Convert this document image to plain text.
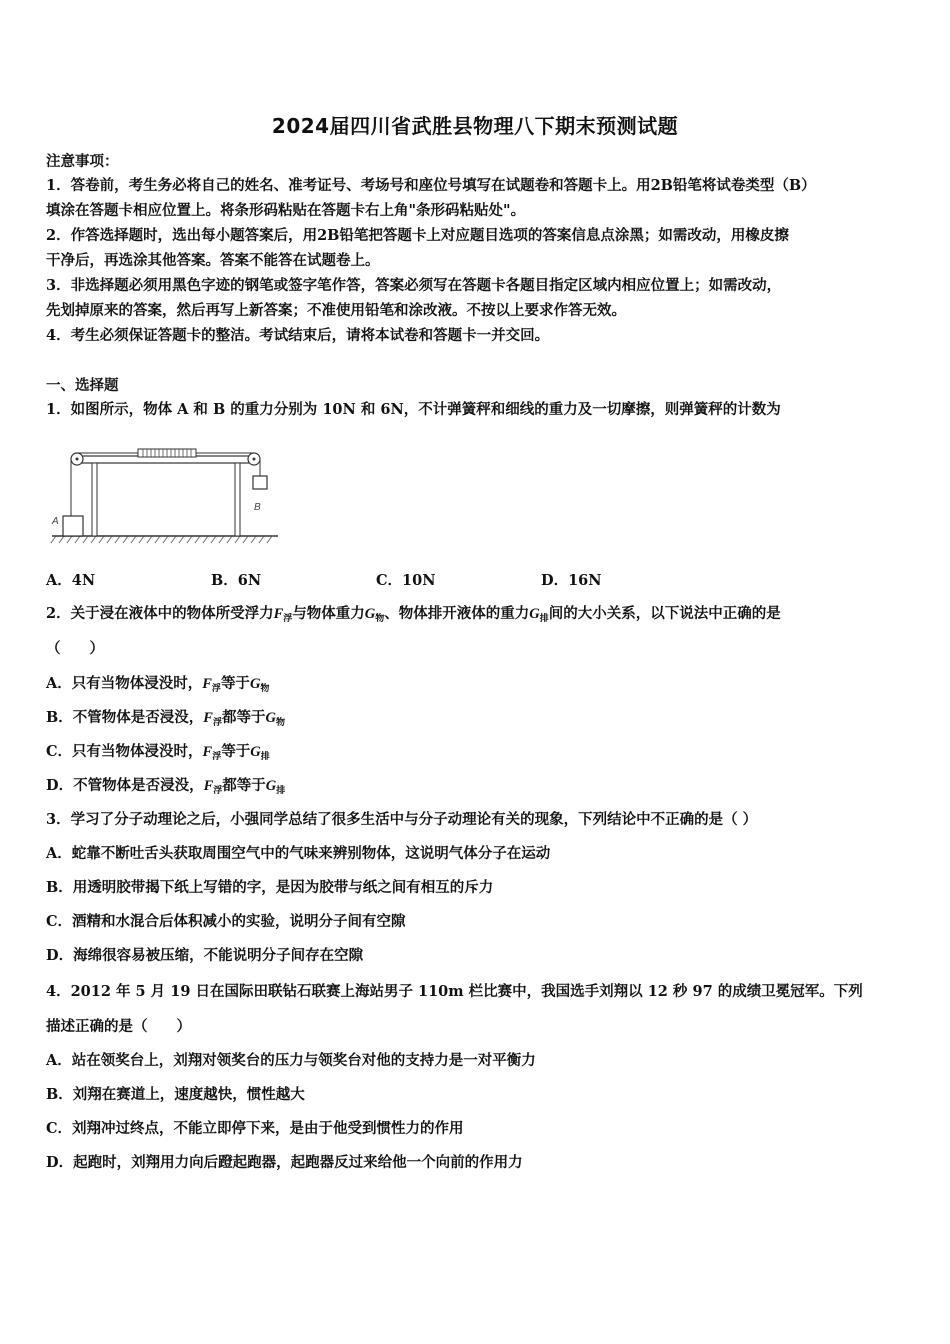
2024届四川省武胜县物理八下期末预测试题
注意事项：
1．答卷前，考生务必将自己的姓名、准考证号、考场号和座位号填写在试题卷和答题卡上。用2B铅笔将试卷类型（B）
填涂在答题卡相应位置上。将条形码粘贴在答题卡右上角"条形码粘贴处"。
2．作答选择题时，选出每小题答案后，用2B铅笔把答题卡上对应题目选项的答案信息点涂黑；如需改动，用橡皮擦
干净后，再选涂其他答案。答案不能答在试题卷上。
3．非选择题必须用黑色字迹的钢笔或签字笔作答，答案必须写在答题卡各题目指定区域内相应位置上；如需改动，
先划掉原来的答案，然后再写上新答案；不准使用铅笔和涂改液。不按以上要求作答无效。
4．考生必须保证答题卡的整洁。考试结束后，请将本试卷和答题卡一并交回。
一、选择题
1．如图所示，物体 A 和 B 的重力分别为 10N 和 6N，不计弹簧秤和细线的重力及一切摩擦，则弹簧秤的计数为
A
B
A．4N	B．6N	C．10N	D．16N
2．关于浸在液体中的物体所受浮力$F_浮$与物体重力$G_物$、物体排开液体的重力$G_排$间的大小关系，以下说法中正确的是
（　　）
A．只有当物体浸没时，$F_浮$等于$G_物$
B．不管物体是否浸没，$F_浮$都等于$G_物$
C．只有当物体浸没时，$F_浮$等于$G_排$
D．不管物体是否浸没，$F_浮$都等于$G_排$
3．学习了分子动理论之后，小强同学总结了很多生活中与分子动理论有关的现象，下列结论中不正确的是（ ）
A．蛇靠不断吐舌头获取周围空气中的气味来辨别物体，这说明气体分子在运动
B．用透明胶带揭下纸上写错的字，是因为胶带与纸之间有相互的斥力
C．酒精和水混合后体积减小的实验，说明分子间有空隙
D．海绵很容易被压缩，不能说明分子间存在空隙
4．2012 年 5 月 19 日在国际田联钻石联赛上海站男子 110m 栏比赛中，我国选手刘翔以 12 秒 97 的成绩卫冕冠军。下列
描述正确的是（　　）
A．站在领奖台上，刘翔对领奖台的压力与领奖台对他的支持力是一对平衡力
B．刘翔在赛道上，速度越快，惯性越大
C．刘翔冲过终点，不能立即停下来，是由于他受到惯性力的作用
D．起跑时，刘翔用力向后蹬起跑器，起跑器反过来给他一个向前的作用力
